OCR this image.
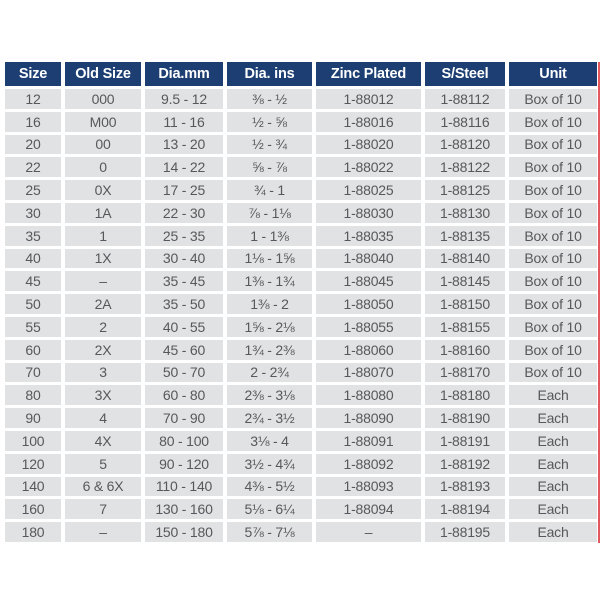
Size	Old Size	Dia.mm	Dia. ins	Zinc Plated	S/Steel	Unit
12	000	9.5 - 12	⅜ - ½	1-88012	1-88112	Box of 10
16	M00	11 - 16	½ - ⅝	1-88016	1-88116	Box of 10
20	00	13 - 20	½ - ¾	1-88020	1-88120	Box of 10
22	0	14 - 22	⅝ - ⅞	1-88022	1-88122	Box of 10
25	0X	17 - 25	¾ - 1	1-88025	1-88125	Box of 10
30	1A	22 - 30	⅞ - 1⅛	1-88030	1-88130	Box of 10
35	1	25 - 35	1 - 1⅜	1-88035	1-88135	Box of 10
40	1X	30 - 40	1⅛ - 1⅝	1-88040	1-88140	Box of 10
45	–	35 - 45	1⅜ - 1¾	1-88045	1-88145	Box of 10
50	2A	35 - 50	1⅜ - 2	1-88050	1-88150	Box of 10
55	2	40 - 55	1⅝ - 2⅛	1-88055	1-88155	Box of 10
60	2X	45 - 60	1¾ - 2⅜	1-88060	1-88160	Box of 10
70	3	50 - 70	2 - 2¾	1-88070	1-88170	Box of 10
80	3X	60 - 80	2⅜ - 3⅛	1-88080	1-88180	Each
90	4	70 - 90	2¾ - 3½	1-88090	1-88190	Each
100	4X	80 - 100	3⅛ - 4	1-88091	1-88191	Each
120	5	90 - 120	3½ - 4¾	1-88092	1-88192	Each
140	6 & 6X	110 - 140	4⅜ - 5½	1-88093	1-88193	Each
160	7	130 - 160	5⅛ - 6¼	1-88094	1-88194	Each
180	–	150 - 180	5⅞ - 7⅛	–	1-88195	Each
